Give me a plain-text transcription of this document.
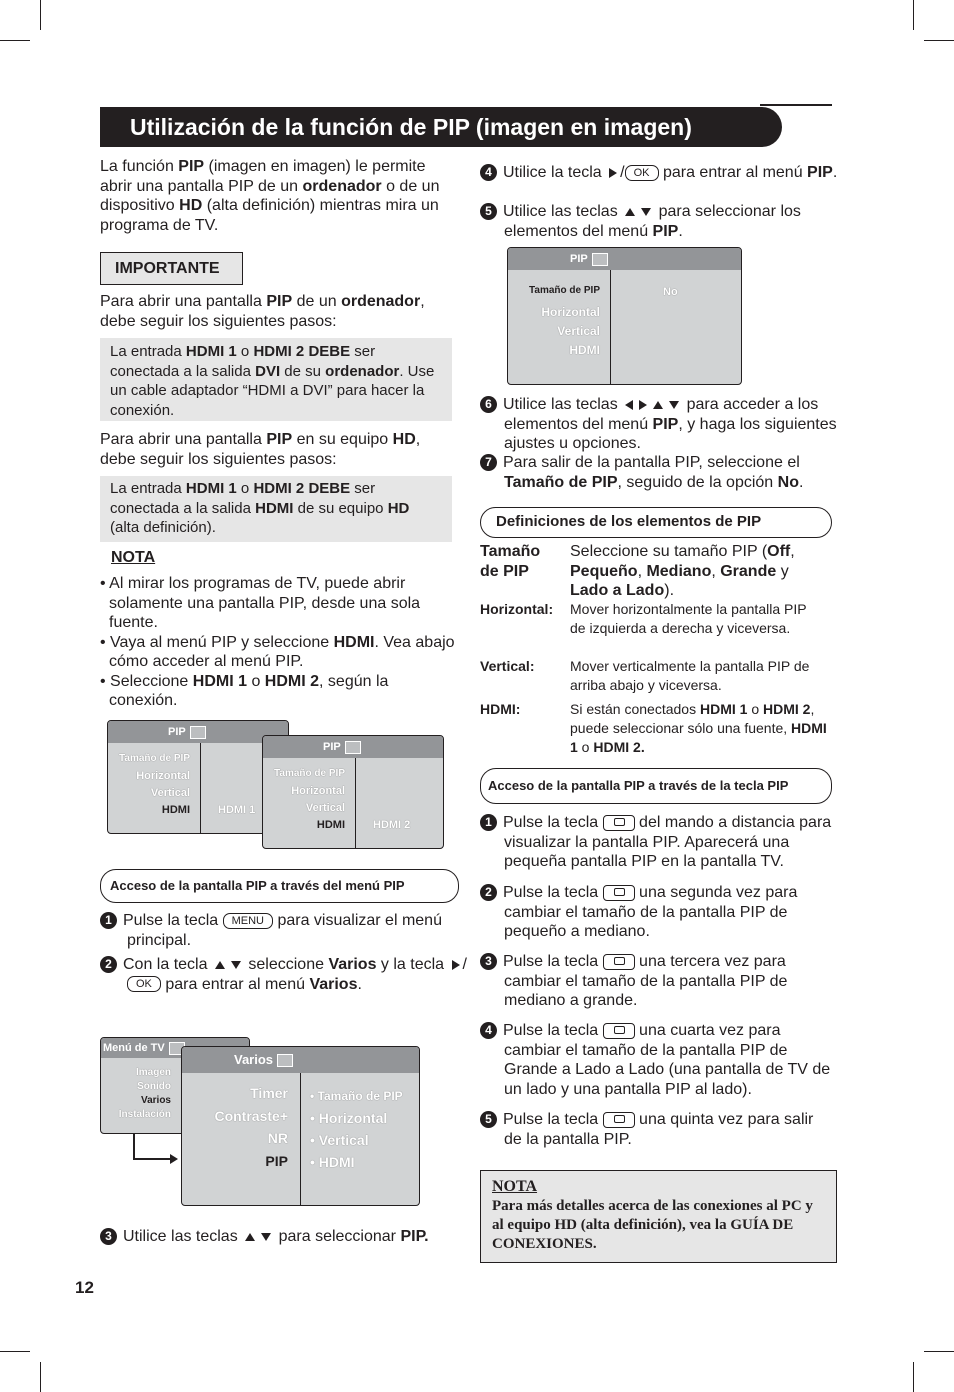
Utilización de la función de PIP (imagen en imagen)
La función PIP (imagen en imagen) le permite abrir una pantalla PIP de un ordenador o de un dispositivo HD (alta definición) mientras mira un programa de TV.
IMPORTANTE
Para abrir una pantalla PIP de un ordenador, debe seguir los siguientes pasos:
La entrada HDMI 1 o HDMI 2 DEBE ser conectada a la salida DVI de su ordenador. Use un cable adaptador “HDMI a DVI” para hacer la conexión.
Para abrir una pantalla PIP en su equipo HD, debe seguir los siguientes pasos:
La entrada HDMI 1 o HDMI 2 DEBE ser conectada a la salida HDMI de su equipo HD (alta definición).
NOTA
• Al mirar los programas de TV, puede abrir solamente una pantalla PIP, desde una sola fuente.
• Vaya al menú PIP y seleccione HDMI. Vea abajo cómo acceder al menú PIP.
• Seleccione HDMI 1 o HDMI 2, según la conexión.
PIP
Tamaño de PIP
Horizontal
Vertical
HDMI	HDMI 1
PIP
Tamaño de PIP
Horizontal
Vertical
HDMI	HDMI 2
Acceso de la pantalla PIP a través del menú PIP
1 Pulse la tecla MENU para visualizar el menú principal.
2 Con la tecla  seleccione Varios y la tecla /OK para entrar al menú Varios.
Menú de TV
Imagen
Sonido
Varios
Instalación
Varios
Timer
Contraste+
NR
PIP
• Tamaño de PIP
• Horizontal
• Vertical
• HDMI
3 Utilice las teclas  para seleccionar PIP.
12
4 Utilice la tecla / OK para entrar al menú PIP.
5 Utilice las teclas  para seleccionar los elementos del menú PIP.
PIP
Tamaño de PIP
Horizontal
Vertical
HDMI
No
6 Utilice las teclas	para acceder a los elementos del menú PIP, y haga los siguientes ajustes u opciones.
7 Para salir de la pantalla PIP, seleccione el Tamaño de PIP, seguido de la opción No.
Definiciones de los elementos de PIP
Tamaño de PIP
Seleccione su tamaño PIP (Off, Pequeño, Mediano, Grande y Lado a Lado).
Horizontal: Mover horizontalmente la pantalla PIP de izquierda a derecha y viceversa.
Vertical:	Mover verticalmente la pantalla PIP de arriba abajo y viceversa.
HDMI:	Si están conectados HDMI 1 o HDMI 2, puede seleccionar sólo una fuente, HDMI 1 o HDMI 2.
Acceso de la pantalla PIP a través de la tecla PIP
1 Pulse la tecla  del mando a distancia para visualizar la pantalla PIP. Aparecerá una pequeña pantalla PIP en la pantalla TV.
2 Pulse la tecla  una segunda vez para cambiar el tamaño de la pantalla PIP de pequeño a mediano.
3 Pulse la tecla  una tercera vez para cambiar el tamaño de la pantalla PIP de mediano a grande.
4 Pulse la tecla  una cuarta vez para cambiar el tamaño de la pantalla PIP de Grande a Lado a Lado (una pantalla de TV de un lado y una pantalla PIP al lado).
5 Pulse la tecla  una quinta vez para salir de la pantalla PIP.
NOTA
Para más detalles acerca de las conexiones al PC y al equipo HD (alta definición), vea la GUÍA DE CONEXIONES.
